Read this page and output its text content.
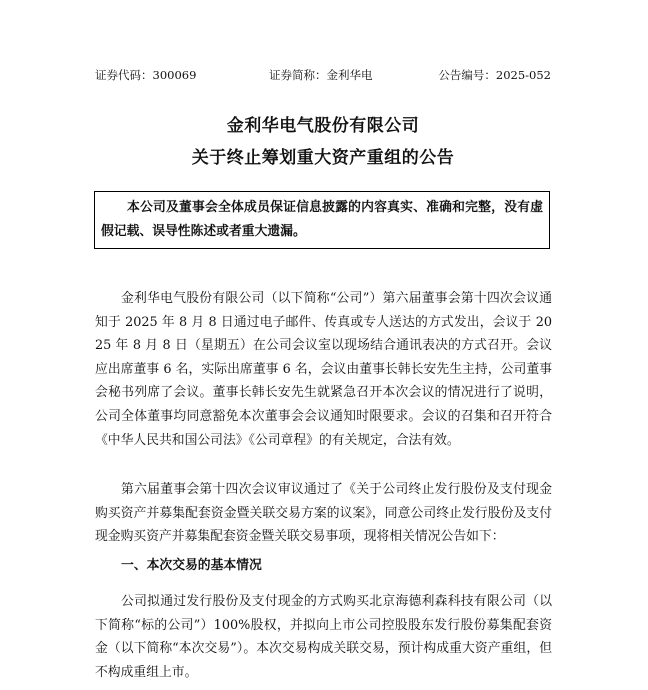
证券代码：300069	证券简称：金利华电	公告编号：2025-052
金利华电气股份有限公司
关于终止筹划重大资产重组的公告
本公司及董事会全体成员保证信息披露的内容真实、准确和完整，没有虚假记载、误导性陈述或者重大遗漏。
金利华电气股份有限公司（以下简称“公司”）第六届董事会第十四次会议通知于 2025 年 8 月 8 日通过电子邮件、传真或专人送达的方式发出，会议于 2025 年 8 月 8 日（星期五）在公司会议室以现场结合通讯表决的方式召开。会议应出席董事 6 名，实际出席董事 6 名，会议由董事长韩长安先生主持，公司董事会秘书列席了会议。董事长韩长安先生就紧急召开本次会议的情况进行了说明，公司全体董事均同意豁免本次董事会会议通知时限要求。会议的召集和召开符合《中华人民共和国公司法》《公司章程》的有关规定，合法有效。
第六届董事会第十四次会议审议通过了《关于公司终止发行股份及支付现金购买资产并募集配套资金暨关联交易方案的议案》，同意公司终止发行股份及支付现金购买资产并募集配套资金暨关联交易事项，现将相关情况公告如下：
一、本次交易的基本情况
公司拟通过发行股份及支付现金的方式购买北京海德利森科技有限公司（以下简称“标的公司”）100%股权，并拟向上市公司控股股东发行股份募集配套资金（以下简称“本次交易”）。本次交易构成关联交易，预计构成重大资产重组，但不构成重组上市。
